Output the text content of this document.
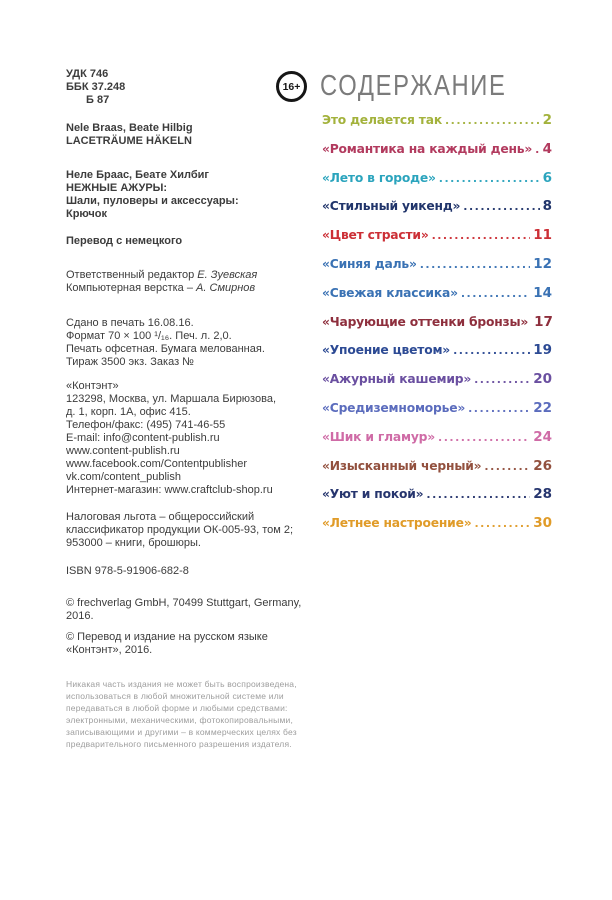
УДК 746
ББК 37.248
Б 87
Nele Braas, Beate Hilbig
LACETRÄUME HÄKELN
Неле Браас, Беате Хилбиг
НЕЖНЫЕ АЖУРЫ:
Шали, пуловеры и аксессуары:
Крючок
Перевод с немецкого
Ответственный редактор Е. Зуевская
Компьютерная верстка – А. Смирнов
Сдано в печать 16.08.16.
Формат 70 × 100 ¹/₁₆. Печ. л. 2,0.
Печать офсетная. Бумага мелованная.
Тираж 3500 экз. Заказ №
«Контэнт»
123298, Москва, ул. Маршала Бирюзова,
д. 1, корп. 1А, офис 415.
Телефон/факс: (495) 741-46-55
E-mail: info@content-publish.ru
www.content-publish.ru
www.facebook.com/Contentpublisher
vk.com/content_publish
Интернет-магазин: www.craftclub-shop.ru
Налоговая льгота – общероссийский классификатор продукции ОК-005-93, том 2; 953000 – книги, брошюры.
ISBN 978-5-91906-682-8
© frechverlag GmbH, 70499 Stuttgart, Germany, 2016.
© Перевод и издание на русском языке «Контэнт», 2016.
Никакая часть издания не может быть воспроизведена, использоваться в любой множительной системе или передаваться в любой форме и любыми средствами: электронными, механическими, фотокопировальными, записывающими и другими – в коммерческих целях без предварительного письменного разрешения издателя.
16+ СОДЕРЖАНИЕ
Это делается так .....	2
«Романтика на каждый день» ..... 4
«Лето в городе» .....	6
«Стильный уикенд» .....	8
«Цвет страсти» .....	11
«Синяя даль» .....	12
«Свежая классика» .....	14
«Чарующие оттенки бронзы» 17
«Упоение цветом» .....	19
«Ажурный кашемир» .....	20
«Средиземноморье» .....	22
«Шик и гламур» .....	24
«Изысканный черный» .....	26
«Уют и покой» .....	28
«Летнее настроение» .....	30
